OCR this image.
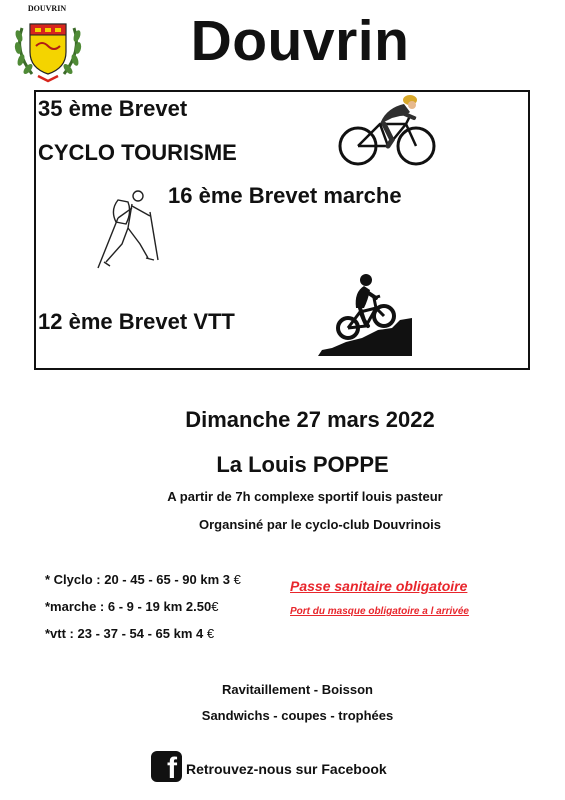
DOUVRIN
Douvrin
35 ème Brevet
CYCLO TOURISME
16 ème Brevet marche
12 ème Brevet VTT
Dimanche 27 mars 2022
La Louis POPPE
A partir de 7h complexe sportif louis pasteur
Organsiné par le cyclo-club Douvrinois
* Clyclo : 20 - 45 - 65 - 90 km 3 €
*marche : 6 - 9 - 19 km 2.50€
*vtt : 23 - 37 - 54 - 65 km 4 €
Passe sanitaire obligatoire
Port du masque obligatoire a l arrivée
Ravitaillement - Boisson
Sandwichs - coupes - trophées
f Retrouvez-nous sur Facebook
